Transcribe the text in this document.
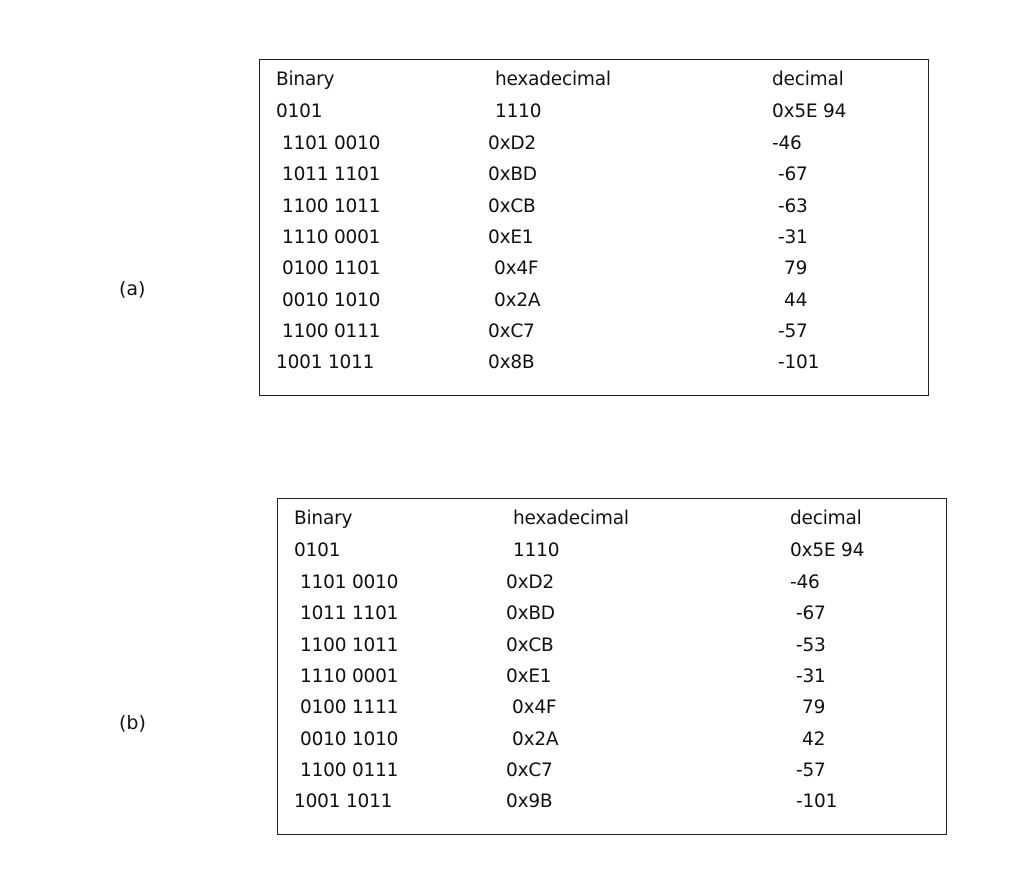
(a)
Binary	hexadecimal	decimal
0101	1110	0x5E 94
1101 0010	0xD2	-46
1011 1101	0xBD	-67
1100 1011	0xCB	-63
1110 0001	0xE1	-31
0100 1101	0x4F	79
0010 1010	0x2A	44
1100 0111	0xC7	-57
1001 1011	0x8B	-101
(b)
Binary	hexadecimal	decimal
0101	1110	0x5E 94
1101 0010	0xD2	-46
1011 1101	0xBD	-67
1100 1011	0xCB	-53
1110 0001	0xE1	-31
0100 1111	0x4F	79
0010 1010	0x2A	42
1100 0111	0xC7	-57
1001 1011	0x9B	-101
